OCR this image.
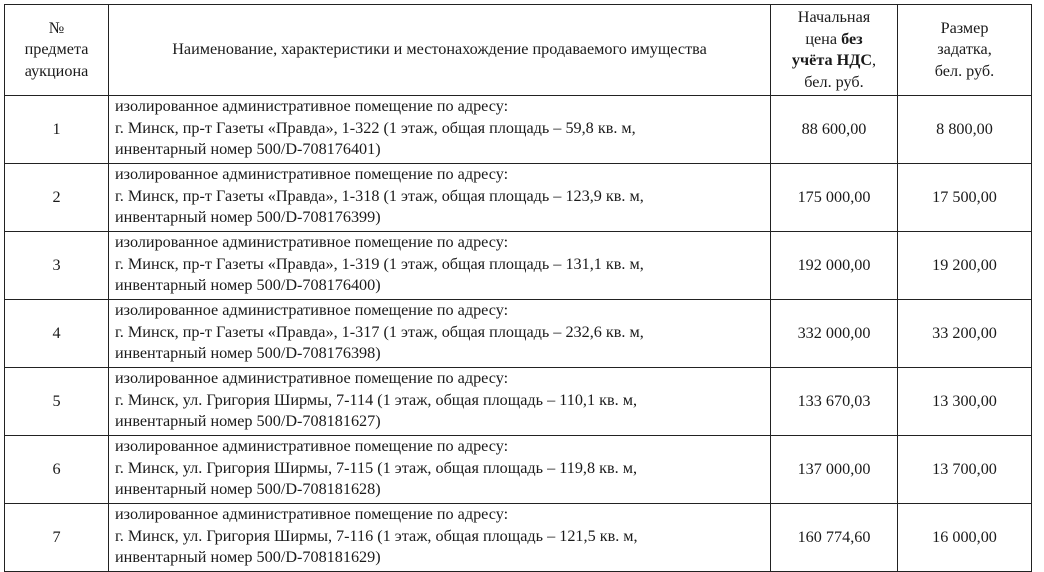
№
предмета
аукциона	Наименование, характеристики и местонахождение продаваемого имущества	Начальная
цена без
учёта НДС,
бел. руб.	Размер
задатка,
бел. руб.

1	изолированное административное помещение по адресу:
г. Минск, пр-т Газеты «Правда», 1-322 (1 этаж, общая площадь – 59,8 кв. м,
инвентарный номер 500/D-708176401)	88 600,00	8 800,00
2	изолированное административное помещение по адресу:
г. Минск, пр-т Газеты «Правда», 1-318 (1 этаж, общая площадь – 123,9 кв. м,
инвентарный номер 500/D-708176399)	175 000,00	17 500,00
3	изолированное административное помещение по адресу:
г. Минск, пр-т Газеты «Правда», 1-319 (1 этаж, общая площадь – 131,1 кв. м,
инвентарный номер 500/D-708176400)	192 000,00	19 200,00
4	изолированное административное помещение по адресу:
г. Минск, пр-т Газеты «Правда», 1-317 (1 этаж, общая площадь – 232,6 кв. м,
инвентарный номер 500/D-708176398)	332 000,00	33 200,00
5	изолированное административное помещение по адресу:
г. Минск, ул. Григория Ширмы, 7-114 (1 этаж, общая площадь – 110,1 кв. м,
инвентарный номер 500/D-708181627)	133 670,03	13 300,00
6	изолированное административное помещение по адресу:
г. Минск, ул. Григория Ширмы, 7-115 (1 этаж, общая площадь – 119,8 кв. м,
инвентарный номер 500/D-708181628)	137 000,00	13 700,00
7	изолированное административное помещение по адресу:
г. Минск, ул. Григория Ширмы, 7-116 (1 этаж, общая площадь – 121,5 кв. м,
инвентарный номер 500/D-708181629)	160 774,60	16 000,00
